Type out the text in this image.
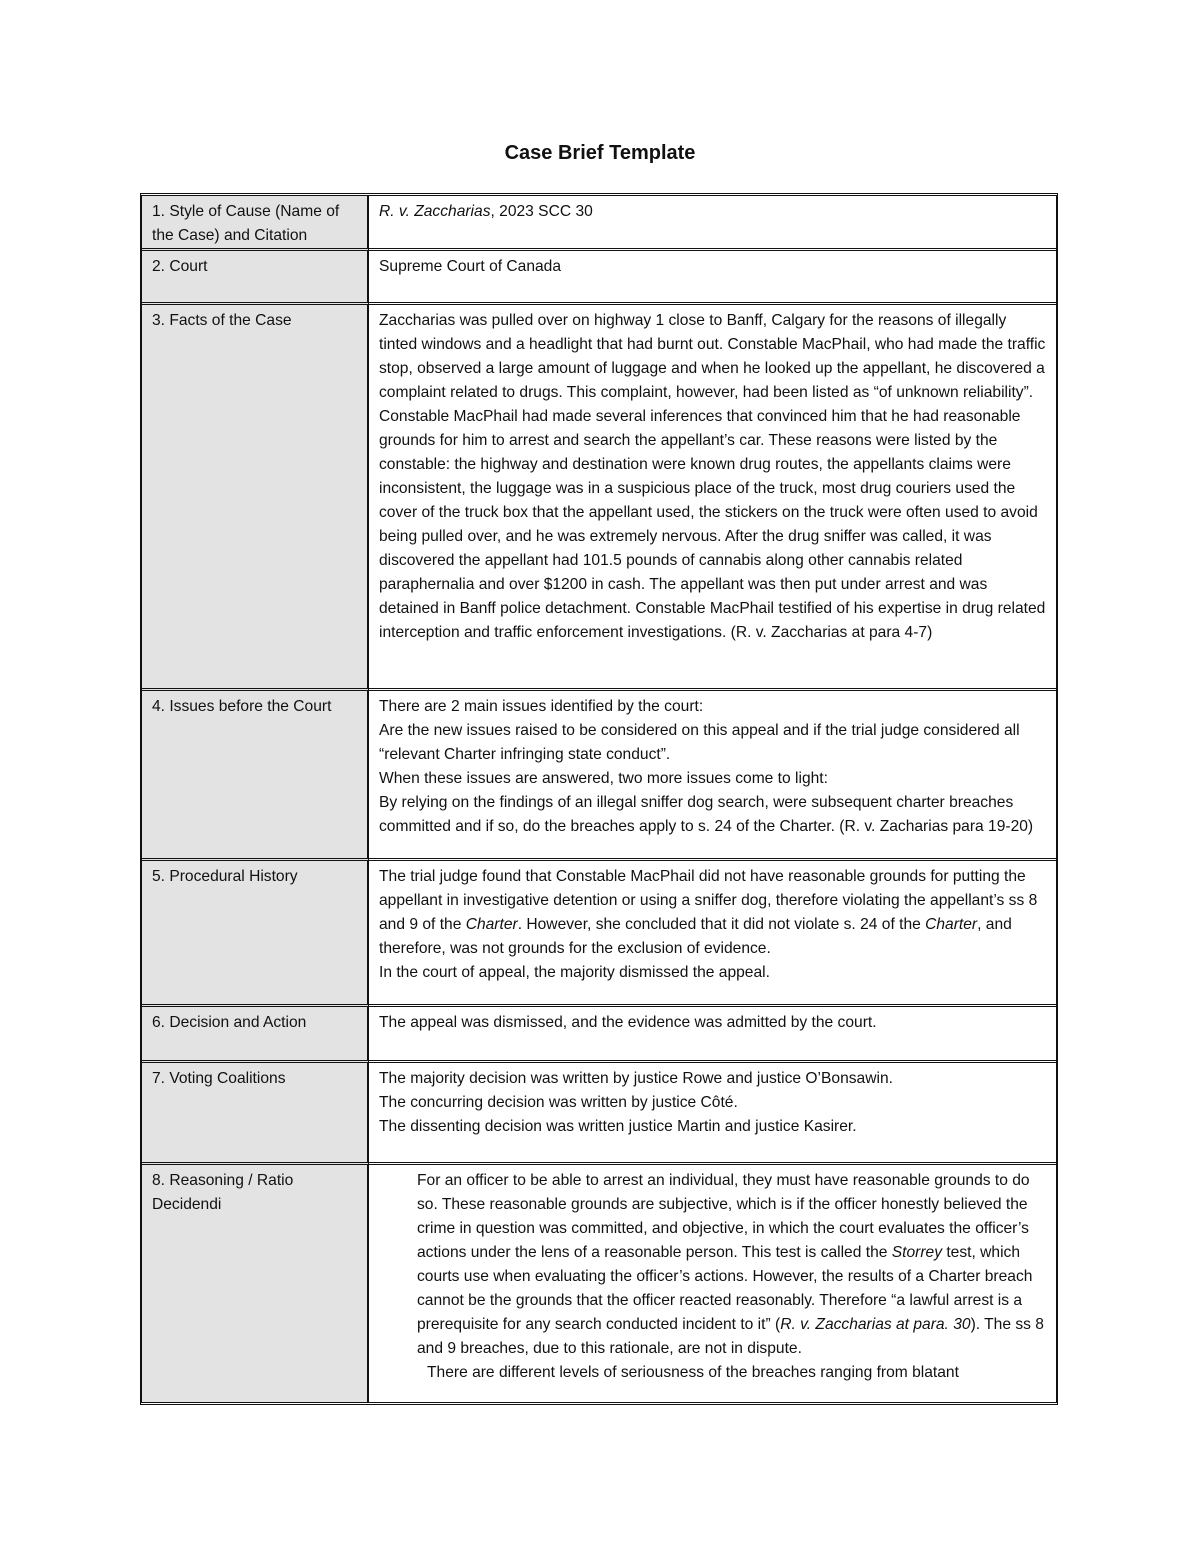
Case Brief Template
1. Style of Cause (Name of the Case) and Citation	R. v. Zaccharias, 2023 SCC 30
2. Court	Supreme Court of Canada
3. Facts of the Case	Zaccharias was pulled over on highway 1 close to Banff, Calgary for the reasons of illegally tinted windows and a headlight that had burnt out. Constable MacPhail, who had made the traffic stop, observed a large amount of luggage and when he looked up the appellant, he discovered a complaint related to drugs. This complaint, however, had been listed as “of unknown reliability”. Constable MacPhail had made several inferences that convinced him that he had reasonable grounds for him to arrest and search the appellant’s car. These reasons were listed by the constable: the highway and destination were known drug routes, the appellants claims were inconsistent, the luggage was in a suspicious place of the truck, most drug couriers used the cover of the truck box that the appellant used, the stickers on the truck were often used to avoid being pulled over, and he was extremely nervous. After the drug sniffer was called, it was discovered the appellant had 101.5 pounds of cannabis along other cannabis related paraphernalia and over $1200 in cash. The appellant was then put under arrest and was detained in Banff police detachment. Constable MacPhail testified of his expertise in drug related interception and traffic enforcement investigations. (R. v. Zaccharias at para 4-7)
4. Issues before the Court	There are 2 main issues identified by the court:
Are the new issues raised to be considered on this appeal and if the trial judge considered all “relevant Charter infringing state conduct”.
When these issues are answered, two more issues come to light:
By relying on the findings of an illegal sniffer dog search, were subsequent charter breaches committed and if so, do the breaches apply to s. 24 of the Charter. (R. v. Zacharias para 19-20)

5. Procedural History	The trial judge found that Constable MacPhail did not have reasonable grounds for putting the appellant in investigative detention or using a sniffer dog, therefore violating the appellant’s ss 8 and 9 of the Charter. However, she concluded that it did not violate s. 24 of the Charter, and therefore, was not grounds for the exclusion of evidence.
In the court of appeal, the majority dismissed the appeal.

6. Decision and Action	The appeal was dismissed, and the evidence was admitted by the court.
7. Voting Coalitions	The majority decision was written by justice Rowe and justice O’Bonsawin.
The concurring decision was written by justice Côté.
The dissenting decision was written justice Martin and justice Kasirer.

8. Reasoning / Ratio Decidendi	For an officer to be able to arrest an individual, they must have reasonable grounds to do so. These reasonable grounds are subjective, which is if the officer honestly believed the crime in question was committed, and objective, in which the court evaluates the officer’s actions under the lens of a reasonable person. This test is called the Storrey test, which courts use when evaluating the officer’s actions. However, the results of a Charter breach cannot be the grounds that the officer reacted reasonably. Therefore “a lawful arrest is a prerequisite for any search conducted incident to it” (R. v. Zaccharias at para. 30). The ss 8 and 9 breaches, due to this rationale, are not in dispute.
There are different levels of seriousness of the breaches ranging from blatant
